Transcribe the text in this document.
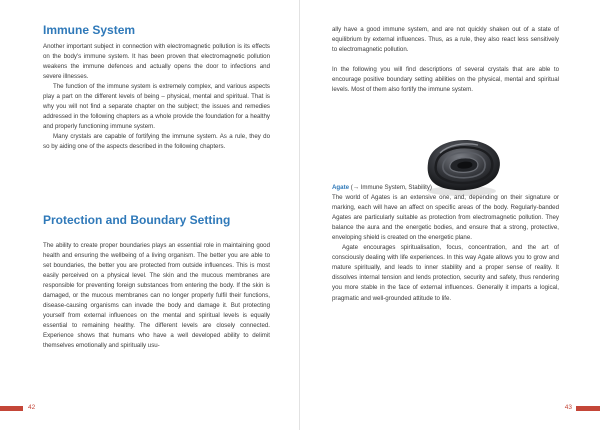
Immune System

Another important subject in connection with electromagnetic pollution is its effects on the body's immune system. It has been proven that electromagnetic pollution weakens the immune defences and actually opens the door to infections and severe illnesses.

The function of the immune system is extremely complex, and various aspects play a part on the different levels of being – physical, mental and spiritual. That is why you will not find a separate chapter on the subject; the issues and remedies addressed in the following chapters as a whole provide the foundation for a healthy and properly functioning immune system.

Many crystals are capable of fortifying the immune system. As a rule, they do so by aiding one of the aspects described in the following chapters.

Protection and Boundary Setting

The ability to create proper boundaries plays an essential role in maintaining good health and ensuring the wellbeing of a living organism. The better you are able to set boundaries, the better you are protected from outside influences. This is most easily perceived on a physical level. The skin and the mucous membranes are responsible for preventing foreign substances from entering the body. If the skin is damaged, or the mucous membranes can no longer properly fulfil their functions, disease-causing organisms can invade the body and damage it. But protecting yourself from external influences on the mental and spiritual levels is equally essential to remaining healthy. The different levels are closely connected. Experience shows that humans who have a well developed ability to delimit themselves emotionally and spiritually usu-

ally have a good immune system, and are not quickly shaken out of a state of equilibrium by external influences. Thus, as a rule, they also react less sensitively to electromagnetic pollution.

In the following you will find descriptions of several crystals that are able to encourage positive boundary setting abilities on the physical, mental and spiritual levels. Most of them also fortify the immune system.

Agate (→ Immune System, Stability)

The world of Agates is an extensive one, and, depending on their signature or marking, each will have an affect on specific areas of the body. Regularly-banded Agates are particularly suitable as protection from electromagnetic pollution. They balance the aura and the energetic bodies, and ensure that a strong, protective, enveloping shield is created on the energetic plane.

Agate encourages spiritualisation, focus, concentration, and the art of consciously dealing with life experiences. In this way Agate allows you to grow and mature spiritually, and leads to inner stability and a proper sense of reality. It dissolves internal tension and lends protection, security and safety, thus rendering you more stable in the face of external influences. Generally it imparts a logical, pragmatic and well-grounded attitude to life.

42	43
